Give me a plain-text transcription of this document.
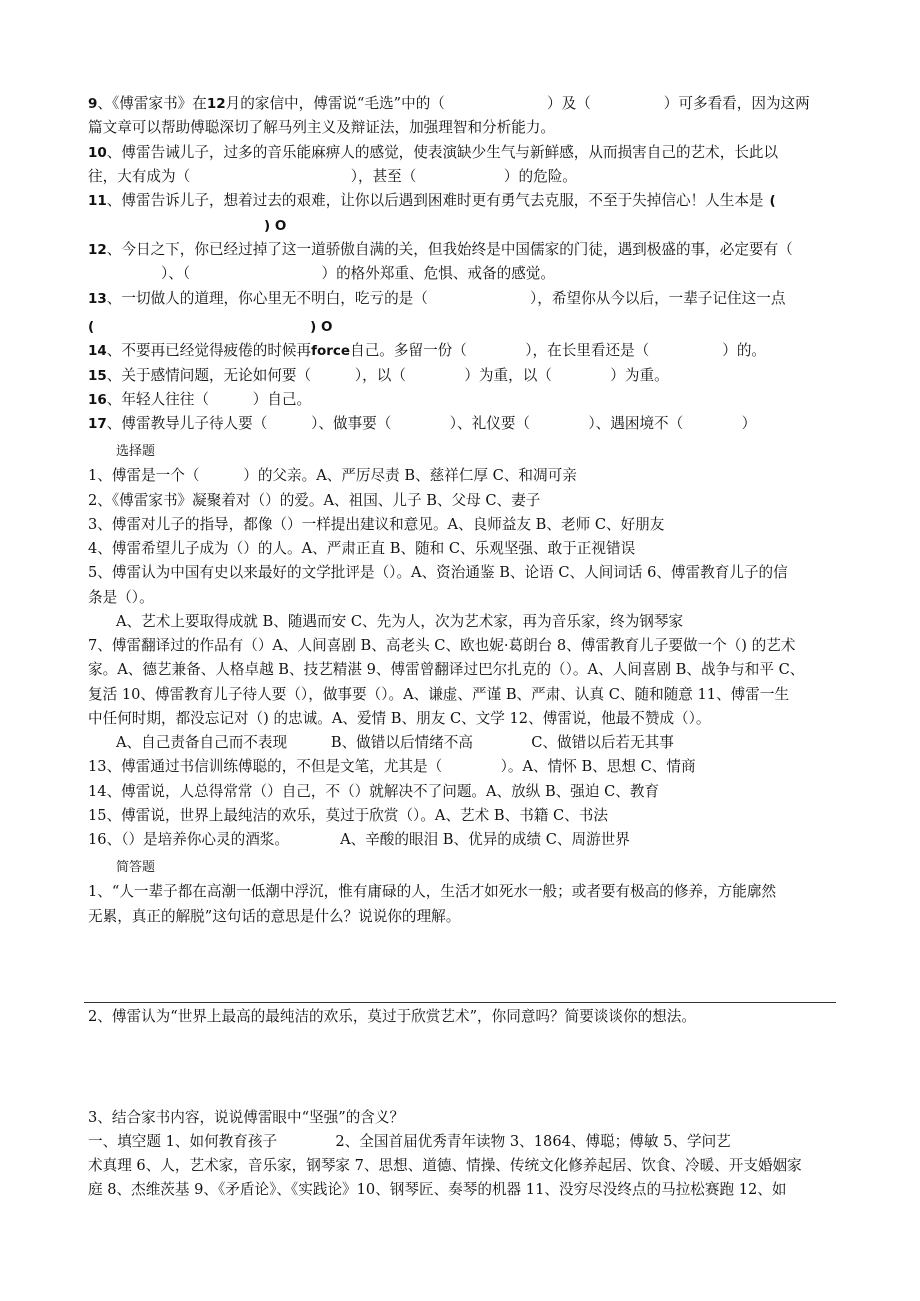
9、《傅雷家书》在12月的家信中，傅雷说“毛选”中的（　　　　　　　）及（　　　　　）可多看看，因为这两
篇文章可以帮助傅聪深切了解马列主义及辩证法，加强理智和分析能力。
10、傅雷告诫儿子，过多的音乐能麻痹人的感觉，使表演缺少生气与新鲜感，从而损害自己的艺术，长此以
往，大有成为（　　　　　　　　　　　），甚至（　　　　　　）的危险。
11、傅雷告诉儿子，想着过去的艰难，让你以后遇到困难时更有勇气去克服，不至于失掉信心！人生本是 (
) O
12、今日之下，你已经过掉了这一道骄傲自满的关，但我始终是中国儒家的门徒，遇到极盛的事，必定要有（
　　　　　）、（　　　　　　　　　）的格外郑重、危惧、戒备的感觉。
13、一切做人的道理，你心里无不明白，吃亏的是（　　　　　　　），希望你从今以后，一辈子记住这一点
(	) O
14、不要再已经觉得疲倦的时候再force自己。多留一份（　　　　），在长里看还是（　　　　　）的。
15、关于感情问题，无论如何要（　　　），以（　　　　）为重，以（　　　　）为重。
16、年轻人往往（　　　）自己。
17、傅雷教导儿子待人要（　　　）、做事要（　　　　）、礼仪要（　　　　）、遇困境不（　　　　）
选择题
1、傅雷是一个（　　　）的父亲。A、严厉尽责 B、慈祥仁厚 C、和凋可亲
2、《傅雷家书》凝聚着对（）的爱。A、祖国、儿子 B、父母 C、妻子
3、傅雷对儿子的指导，都像（）一样提出建议和意见。A、良师益友 B、老师 C、好朋友
4、傅雷希望儿子成为（）的人。A、严肃正直 B、随和 C、乐观坚强、敢于正视错误
5、傅雷认为中国有史以来最好的文学批评是（）。A、资治通鉴 B、论语 C、人间词话 6、傅雷教育儿子的信
条是（）。
A、艺术上要取得成就 B、随遇而安 C、先为人，次为艺术家，再为音乐家，终为钢琴家
7、傅雷翻译过的作品有（）A、人间喜剧 B、高老头 C、欧也妮·葛朗台 8、傅雷教育儿子要做一个（) 的艺术
家。A、德艺兼备、人格卓越 B、技艺精湛 9、傅雷曾翻译过巴尔扎克的（）。A、人间喜剧 B、战争与和平 C、
复活 10、傅雷教育儿子待人要（），做事要（）。A、谦虚、严谨 B、严肃、认真 C、随和随意 11、傅雷一生
中任何时期，都没忘记对（) 的忠诚。A、爱情 B、朋友 C、文学 12、傅雷说，他最不赞成（）。
A、自己责备自己而不表现　　　B、做错以后情绪不高　　　　C、做错以后若无其事
13、傅雷通过书信训练傅聪的，不但是文笔，尤其是（　　　　）。A、情怀 B、思想 C、情商
14、傅雷说，人总得常常（）自己，不（）就解决不了问题。A、放纵 B、强迫 C、教育
15、傅雷说，世界上最纯洁的欢乐，莫过于欣赏（）。A、艺术 B、书籍 C、书法
16、（）是培养你心灵的酒浆。　　　　A、辛酸的眼泪 B、优异的成绩 C、周游世界
简答题
1、“人一辈子都在高潮一低潮中浮沉，惟有庸碌的人，生活才如死水一般；或者要有极高的修养，方能廓然
无累，真正的解脱”这句话的意思是什么？说说你的理解。
2、傅雷认为“世界上最高的最纯洁的欢乐，莫过于欣赏艺术”，你同意吗？简要谈谈你的想法。
3、结合家书内容，说说傅雷眼中“坚强”的含义？
一、填空题 1、如何教育孩子　　　　2、全国首届优秀青年读物 3、1864、傅聪；傅敏 5、学问艺
术真理 6、人，艺术家，音乐家，钢琴家 7、思想、道德、情操、传统文化修养起居、饮食、冷暖、开支婚姻家
庭 8、杰维茨基 9、《矛盾论》、《实践论》10、钢琴匠、奏琴的机器 11、没穷尽没终点的马拉松赛跑 12、如
